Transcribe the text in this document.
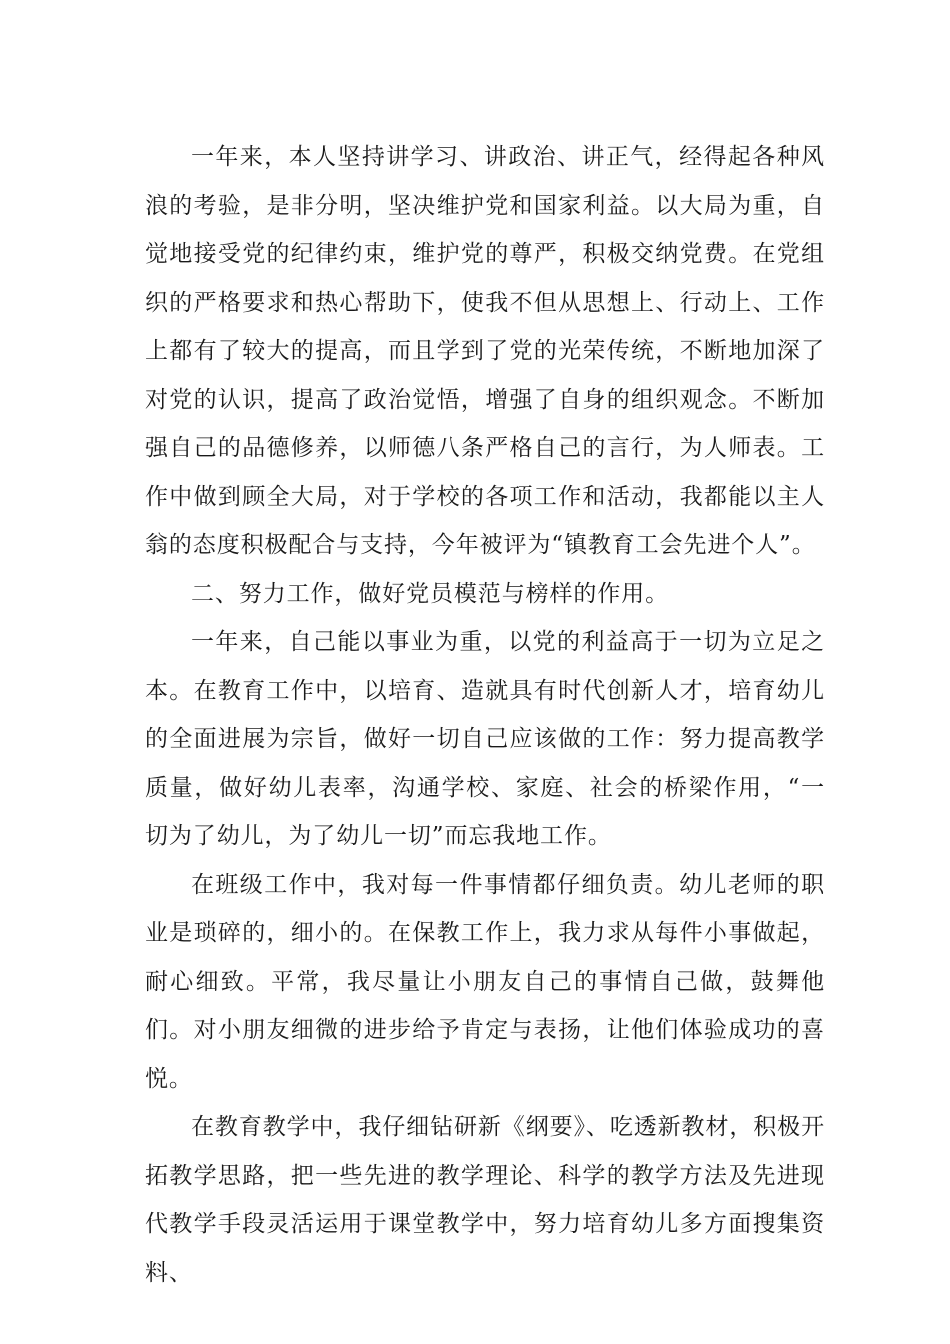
一年来，本人坚持讲学习、讲政治、讲正气，经得起各种风浪的考验，是非分明，坚决维护党和国家利益。以大局为重，自觉地接受党的纪律约束，维护党的尊严，积极交纳党费。在党组织的严格要求和热心帮助下，使我不但从思想上、行动上、工作上都有了较大的提高，而且学到了党的光荣传统，不断地加深了对党的认识，提高了政治觉悟，增强了自身的组织观念。不断加强自己的品德修养，以师德八条严格自己的言行，为人师表。工作中做到顾全大局，对于学校的各项工作和活动，我都能以主人翁的态度积极配合与支持，今年被评为“镇教育工会先进个人”。

二、努力工作，做好党员模范与榜样的作用。

一年来，自己能以事业为重，以党的利益高于一切为立足之本。在教育工作中，以培育、造就具有时代创新人才，培育幼儿的全面进展为宗旨，做好一切自己应该做的工作：努力提高教学质量，做好幼儿表率，沟通学校、家庭、社会的桥梁作用，“一切为了幼儿，为了幼儿一切”而忘我地工作。

在班级工作中，我对每一件事情都仔细负责。幼儿老师的职业是琐碎的，细小的。在保教工作上，我力求从每件小事做起，耐心细致。平常，我尽量让小朋友自己的事情自己做，鼓舞他们。对小朋友细微的进步给予肯定与表扬，让他们体验成功的喜悦。

在教育教学中，我仔细钻研新《纲要》、吃透新教材，积极开拓教学思路，把一些先进的教学理论、科学的教学方法及先进现代教学手段灵活运用于课堂教学中，努力培育幼儿多方面搜集资料、
